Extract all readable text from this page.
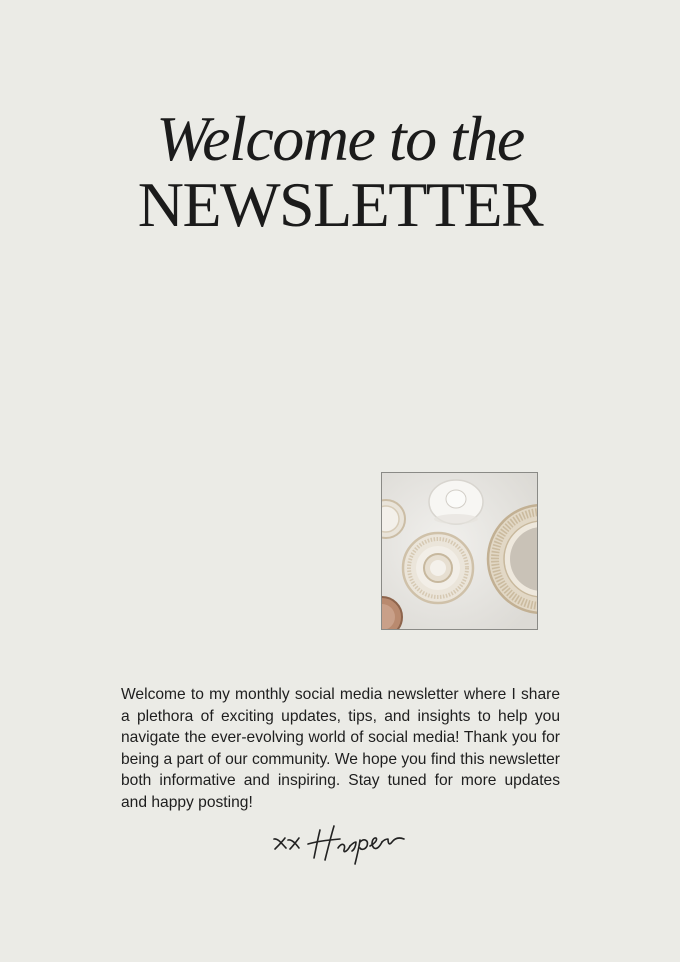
Welcome to the
NEWSLETTER
Welcome to my monthly social media newsletter where I share a plethora of exciting updates, tips, and insights to help you navigate the ever-evolving world of social media! Thank you for being a part of our community. We hope you find this newsletter both informative and inspiring. Stay tuned for more updates and happy posting!
